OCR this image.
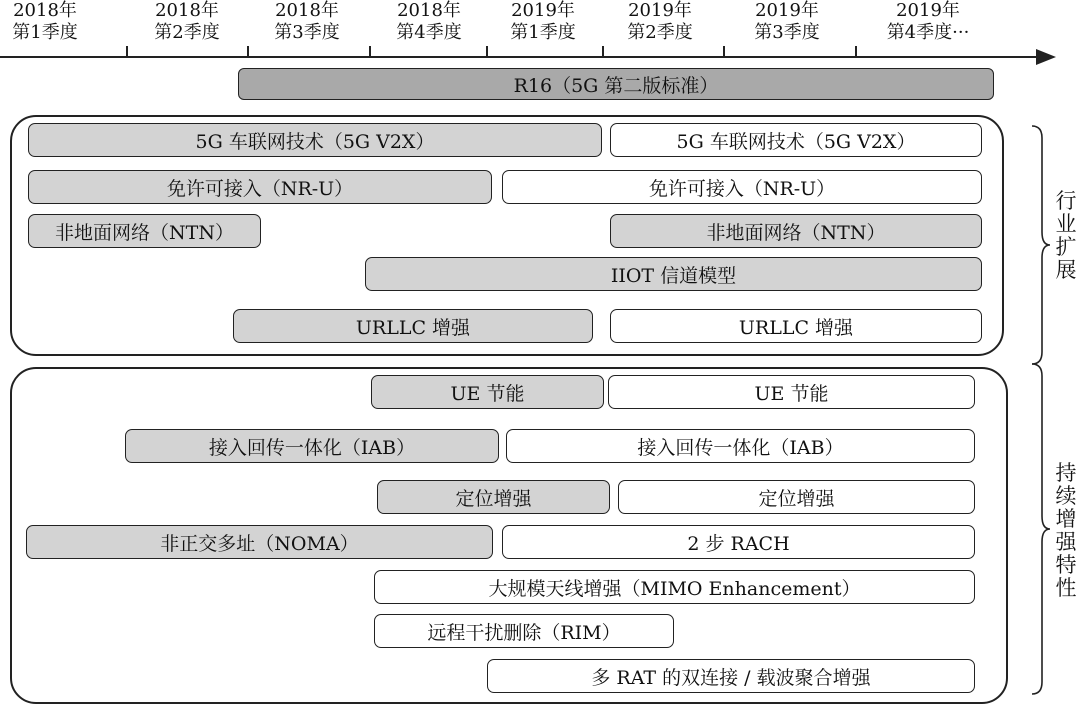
2018年
第1季度
2018年
第2季度
2018年
第3季度
2018年
第4季度
2019年
第1季度
2019年
第2季度
2019年
第3季度
2019年
第4季度···
R16（5G 第二版标准）
5G 车联网技术（5G V2X）	5G 车联网技术（5G V2X）
免许可接入（NR-U）	免许可接入（NR-U）
非地面网络（NTN）	非地面网络（NTN）
IIOT 信道模型
URLLC 增强	URLLC 增强
UE 节能	UE 节能
接入回传一体化（IAB）	接入回传一体化（IAB）
定位增强	定位增强
非正交多址（NOMA）	2 步 RACH
大规模天线增强（MIMO Enhancement）
远程干扰删除（RIM）
多 RAT 的双连接 / 载波聚合增强
行
业
扩
展
持
续
增
强
特
性
